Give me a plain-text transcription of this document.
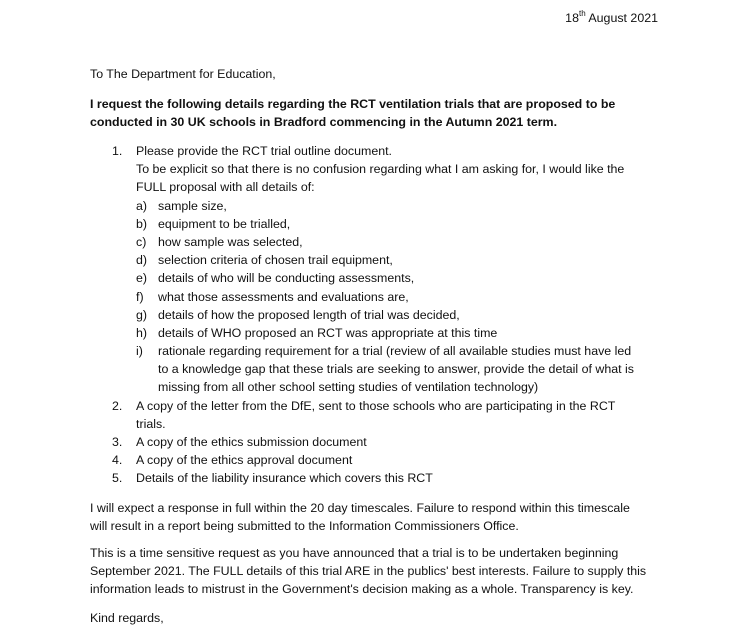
18th August 2021
To The Department for Education,
I request the following details regarding the RCT ventilation trials that are proposed to be
conducted in 30 UK schools in Bradford commencing in the Autumn 2021 term.
1. Please provide the RCT trial outline document.
To be explicit so that there is no confusion regarding what I am asking for, I would like the
FULL proposal with all details of:
a) sample size,
b) equipment to be trialled,
c) how sample was selected,
d) selection criteria of chosen trail equipment,
e) details of who will be conducting assessments,
f) what those assessments and evaluations are,
g) details of how the proposed length of trial was decided,
h) details of WHO proposed an RCT was appropriate at this time
i) rationale regarding requirement for a trial (review of all available studies must have led
to a knowledge gap that these trials are seeking to answer, provide the detail of what is
missing from all other school setting studies of ventilation technology)
2. A copy of the letter from the DfE, sent to those schools who are participating in the RCT
trials.
3. A copy of the ethics submission document
4. A copy of the ethics approval document
5. Details of the liability insurance which covers this RCT
I will expect a response in full within the 20 day timescales. Failure to respond within this timescale
will result in a report being submitted to the Information Commissioners Office.
This is a time sensitive request as you have announced that a trial is to be undertaken beginning
September 2021. The FULL details of this trial ARE in the publics' best interests. Failure to supply this
information leads to mistrust in the Government's decision making as a whole. Transparency is key.
Kind regards,
